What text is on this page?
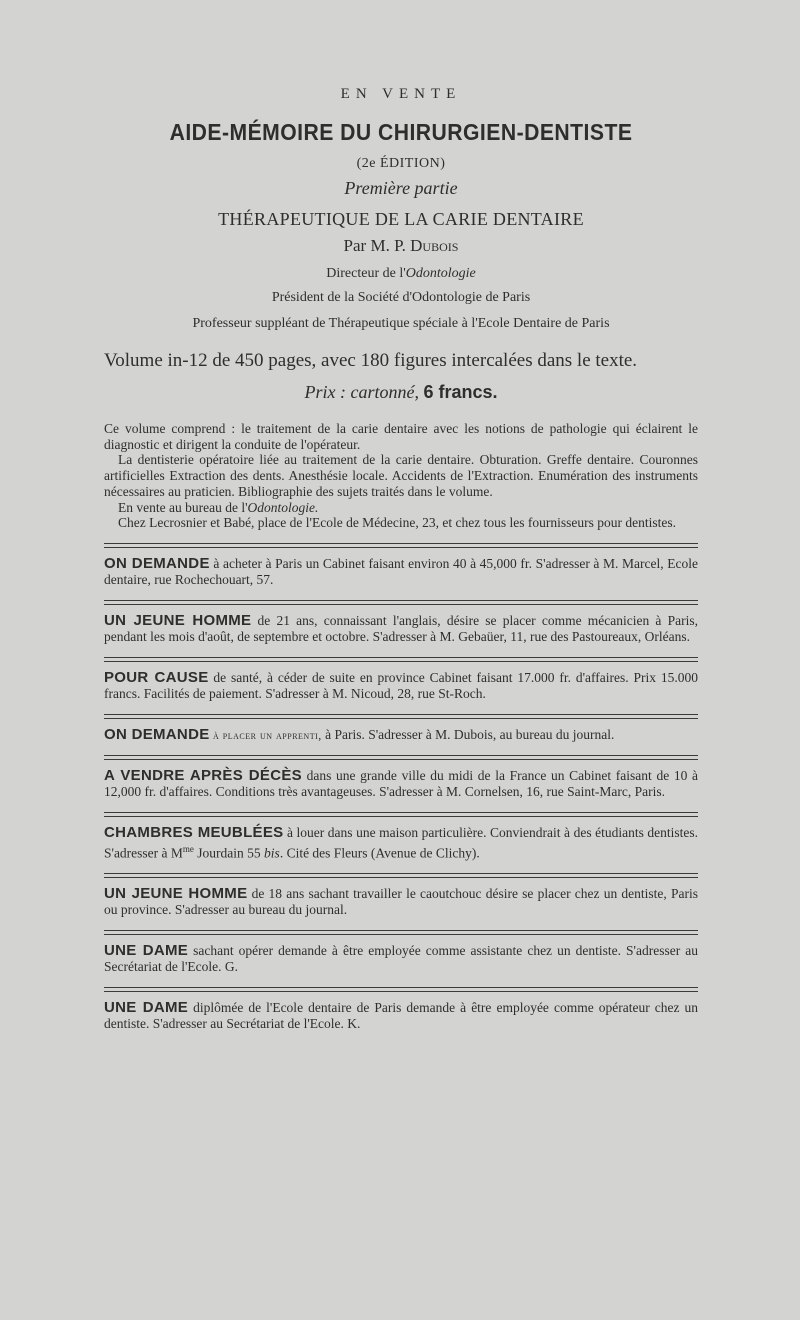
EN VENTE
AIDE-MÉMOIRE DU CHIRURGIEN-DENTISTE
(2e ÉDITION)
Première partie
THÉRAPEUTIQUE DE LA CARIE DENTAIRE
Par M. P. Dubois
Directeur de l'Odontologie
Président de la Société d'Odontologie de Paris
Professeur suppléant de Thérapeutique spéciale à l'Ecole Dentaire de Paris
Volume in-12 de 450 pages, avec 180 figures intercalées dans le texte.
Prix : cartonné, 6 francs.

Ce volume comprend : le traitement de la carie dentaire avec les notions de pathologie qui éclairent le diagnostic et dirigent la conduite de l'opérateur.

La dentisterie opératoire liée au traitement de la carie dentaire. Obturation. Greffe dentaire. Couronnes artificielles Extraction des dents. Anesthésie locale. Accidents de l'Extraction. Enumération des instruments nécessaires au praticien. Bibliographie des sujets traités dans le volume.

En vente au bureau de l'Odontologie.

Chez Lecrosnier et Babé, place de l'Ecole de Médecine, 23, et chez tous les fournisseurs pour dentistes.

ON DEMANDE à acheter à Paris un Cabinet faisant environ 40 à 45,000 fr. S'adresser à M. Marcel, Ecole dentaire, rue Rochechouart, 57.
UN JEUNE HOMME de 21 ans, connaissant l'anglais, désire se placer comme mécanicien à Paris, pendant les mois d'août, de septembre et octobre. S'adresser à M. Gebaüer, 11, rue des Pastoureaux, Orléans.
POUR CAUSE de santé, à céder de suite en province Cabinet faisant 17.000 fr. d'affaires. Prix 15.000 francs. Facilités de paiement. S'adresser à M. Nicoud, 28, rue St-Roch.
ON DEMANDE à placer un apprenti, à Paris. S'adresser à M. Dubois, au bureau du journal.
A VENDRE APRÈS DÉCÈS dans une grande ville du midi de la France un Cabinet faisant de 10 à 12,000 fr. d'affaires. Conditions très avantageuses. S'adresser à M. Cornelsen, 16, rue Saint-Marc, Paris.
CHAMBRES MEUBLÉES à louer dans une maison particulière. Conviendrait à des étudiants dentistes. S'adresser à $M^{me}$ Jourdain 55 bis. Cité des Fleurs (Avenue de Clichy).
UN JEUNE HOMME de 18 ans sachant travailler le caoutchouc désire se placer chez un dentiste, Paris ou province. S'adresser au bureau du journal.
UNE DAME sachant opérer demande à être employée comme assistante chez un dentiste. S'adresser au Secrétariat de l'Ecole. G.
UNE DAME diplômée de l'Ecole dentaire de Paris demande à être employée comme opérateur chez un dentiste. S'adresser au Secrétariat de l'Ecole. K.
